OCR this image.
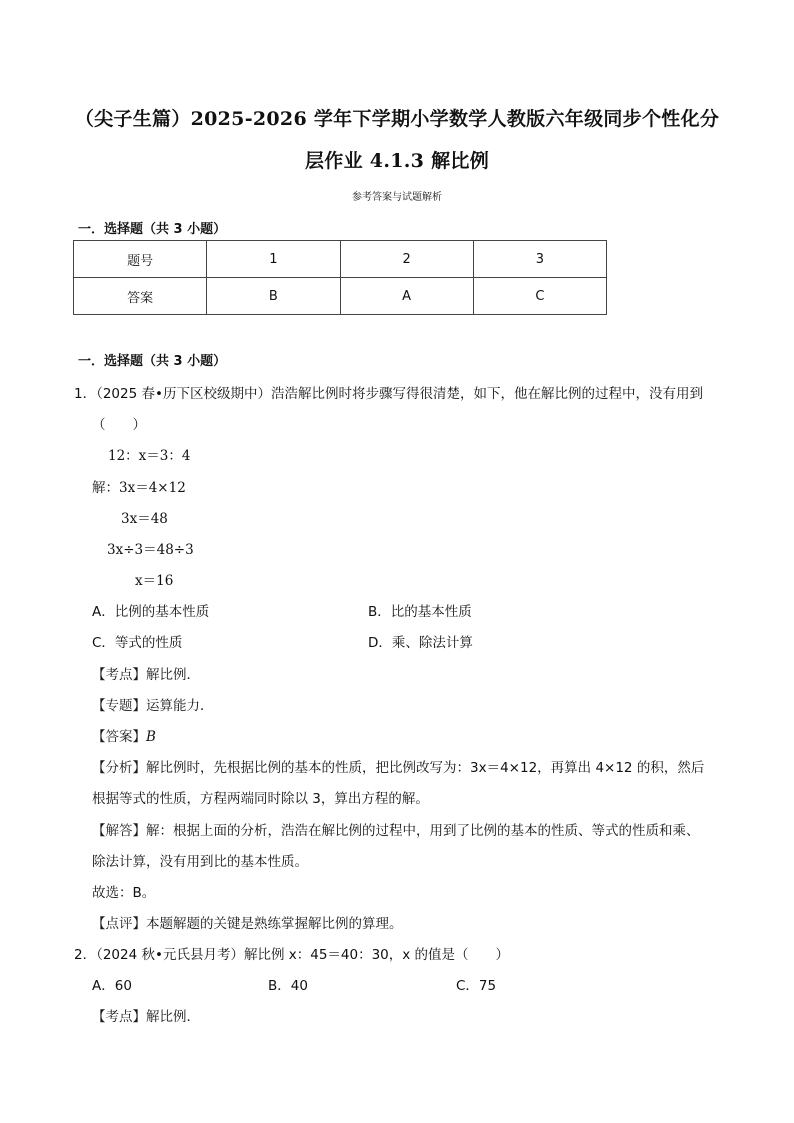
（尖子生篇）2025-2026 学年下学期小学数学人教版六年级同步个性化分
层作业 4.1.3 解比例
参考答案与试题解析
一．选择题（共 3 小题）
题号	1	2	3
答案	B	A	C
一．选择题（共 3 小题）
1．（2025 春•历下区校级期中）浩浩解比例时将步骤写得很清楚，如下，他在解比例的过程中，没有用到
（　　）
12：x＝3：4
解：3x＝4×12
3x＝48
3x÷3＝48÷3
x＝16
A．比例的基本性质	B．比的基本性质
C．等式的性质	D．乘、除法计算
【考点】解比例．
【专题】运算能力．
【答案】B
【分析】解比例时，先根据比例的基本的性质，把比例改写为：3x＝4×12，再算出 4×12 的积，然后
根据等式的性质，方程两端同时除以 3，算出方程的解。
【解答】解：根据上面的分析，浩浩在解比例的过程中，用到了比例的基本的性质、等式的性质和乘、
除法计算，没有用到比的基本性质。
故选：B。
【点评】本题解题的关键是熟练掌握解比例的算理。
2．（2024 秋•元氏县月考）解比例 x：45＝40：30，x 的值是（　　）
A．60	B．40	C．75
【考点】解比例．
